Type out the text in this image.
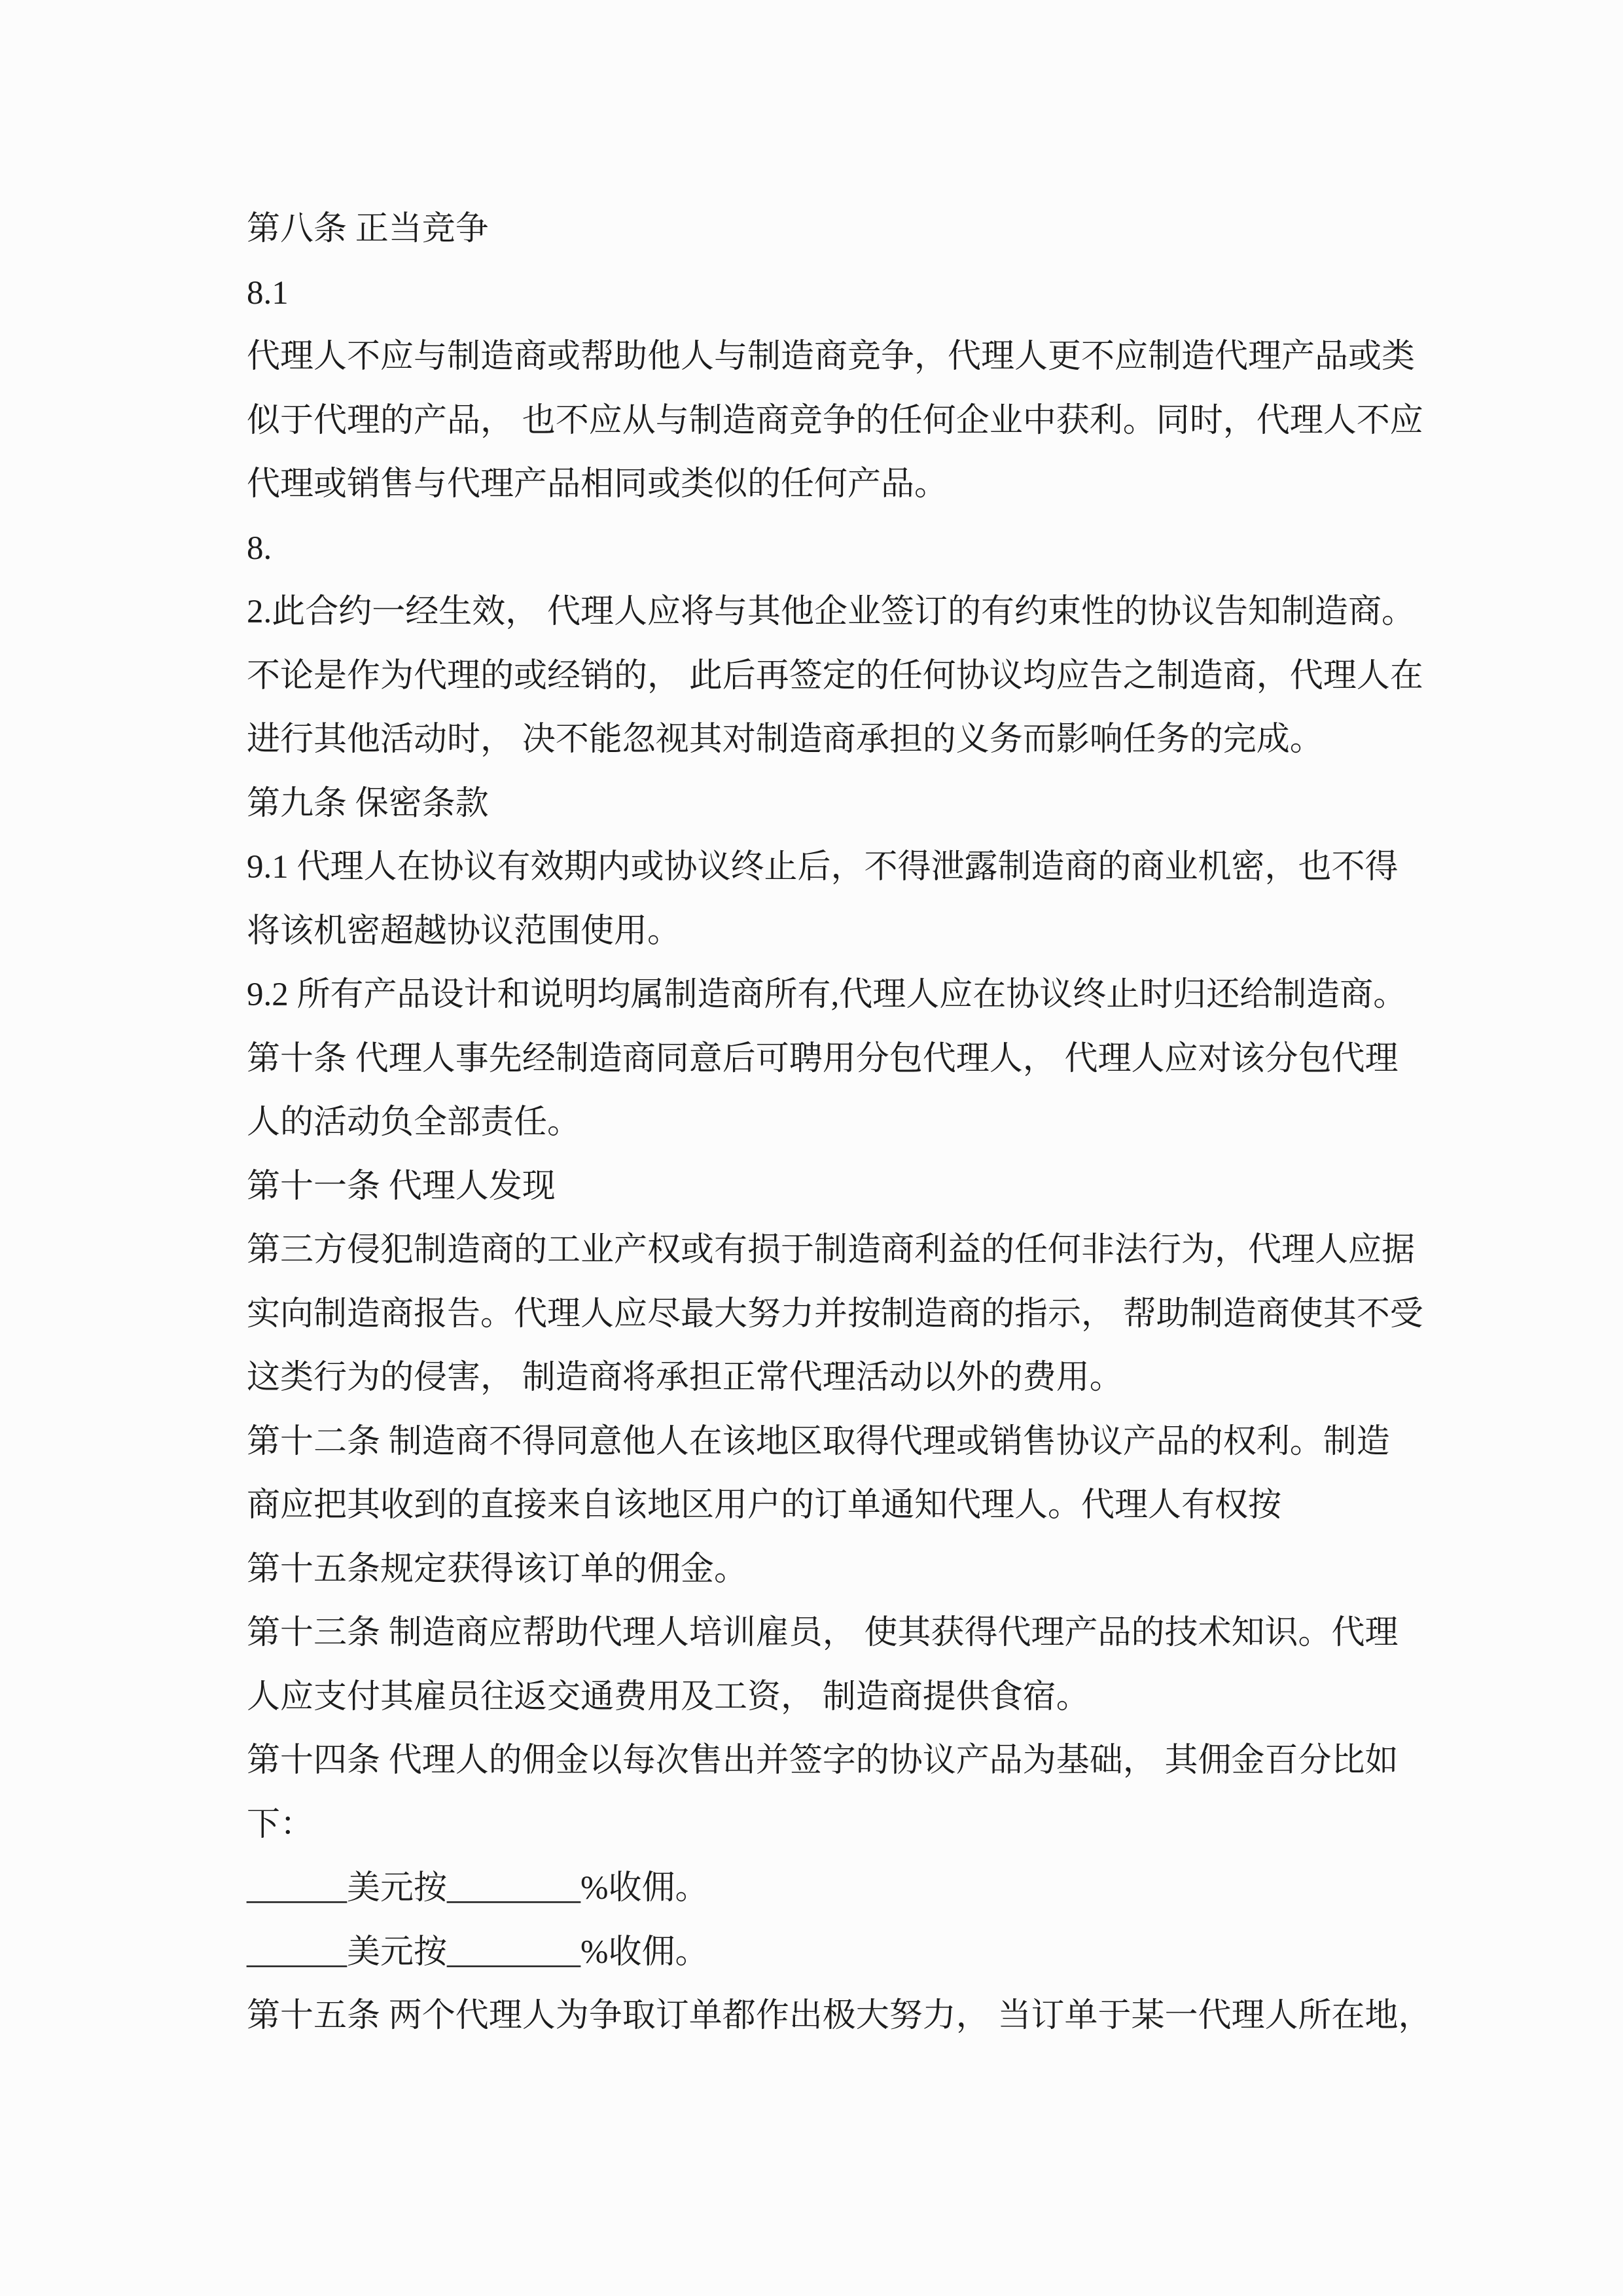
第八条 正当竞争
8.1
代理人不应与制造商或帮助他人与制造商竞争，代理人更不应制造代理产品或类
似于代理的产品， 也不应从与制造商竞争的任何企业中获利。同时，代理人不应
代理或销售与代理产品相同或类似的任何产品。
8.
2.此合约一经生效， 代理人应将与其他企业签订的有约束性的协议告知制造商。
不论是作为代理的或经销的， 此后再签定的任何协议均应告之制造商，代理人在
进行其他活动时， 决不能忽视其对制造商承担的义务而影响任务的完成。
第九条 保密条款
9.1 代理人在协议有效期内或协议终止后，不得泄露制造商的商业机密，也不得
将该机密超越协议范围使用。
9.2 所有产品设计和说明均属制造商所有,代理人应在协议终止时归还给制造商。
第十条 代理人事先经制造商同意后可聘用分包代理人， 代理人应对该分包代理
人的活动负全部责任。
第十一条 代理人发现
第三方侵犯制造商的工业产权或有损于制造商利益的任何非法行为，代理人应据
实向制造商报告。代理人应尽最大努力并按制造商的指示， 帮助制造商使其不受
这类行为的侵害， 制造商将承担正常代理活动以外的费用。
第十二条 制造商不得同意他人在该地区取得代理或销售协议产品的权利。制造
商应把其收到的直接来自该地区用户的订单通知代理人。代理人有权按
第十五条规定获得该订单的佣金。
第十三条 制造商应帮助代理人培训雇员， 使其获得代理产品的技术知识。代理
人应支付其雇员往返交通费用及工资， 制造商提供食宿。
第十四条 代理人的佣金以每次售出并签字的协议产品为基础， 其佣金百分比如
下：
______美元按________%收佣。
______美元按________%收佣。
第十五条 两个代理人为争取订单都作出极大努力， 当订单于某一代理人所在地，
